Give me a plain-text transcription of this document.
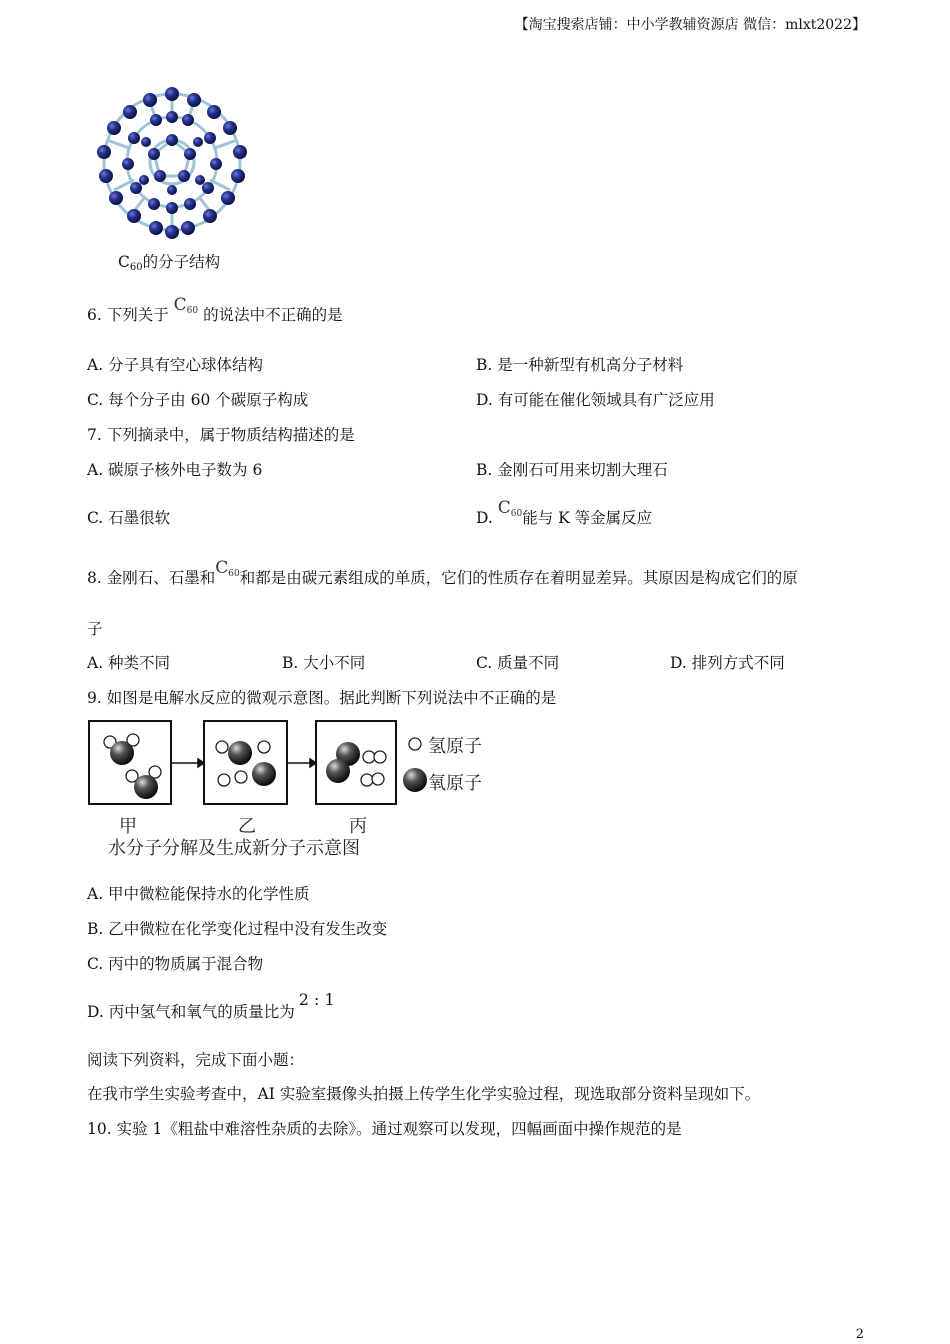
【淘宝搜索店铺：中小学教辅资源店 微信：mlxt2022】
$C_{60}$的分子结构
6. 下列关于 $C_{60}$ 的说法中不正确的是
A. 分子具有空心球体结构	B. 是一种新型有机高分子材料
C. 每个分子由 60 个碳原子构成	D. 有可能在催化领域具有广泛应用
7. 下列摘录中，属于物质结构描述的是
A. 碳原子核外电子数为 6	B. 金刚石可用来切割大理石
C. 石墨很软	D. $C_{60}$能与 K 等金属反应
8. 金刚石、石墨和$C_{60}$和都是由碳元素组成的单质，它们的性质存在着明显差异。其原因是构成它们的原
子
A. 种类不同	B. 大小不同	C. 质量不同	D. 排列方式不同
9. 如图是电解水反应的微观示意图。据此判断下列说法中不正确的是
氢原子
氧原子
甲	乙	丙
水分子分解及生成新分子示意图
A. 甲中微粒能保持水的化学性质
B. 乙中微粒在化学变化过程中没有发生改变
C. 丙中的物质属于混合物
D. 丙中氢气和氧气的质量比为2 : 1
阅读下列资料，完成下面小题：
在我市学生实验考查中，AI 实验室摄像头拍摄上传学生化学实验过程，现选取部分资料呈现如下。
10. 实验 1《粗盐中难溶性杂质的去除》。通过观察可以发现，四幅画面中操作规范的是
2
